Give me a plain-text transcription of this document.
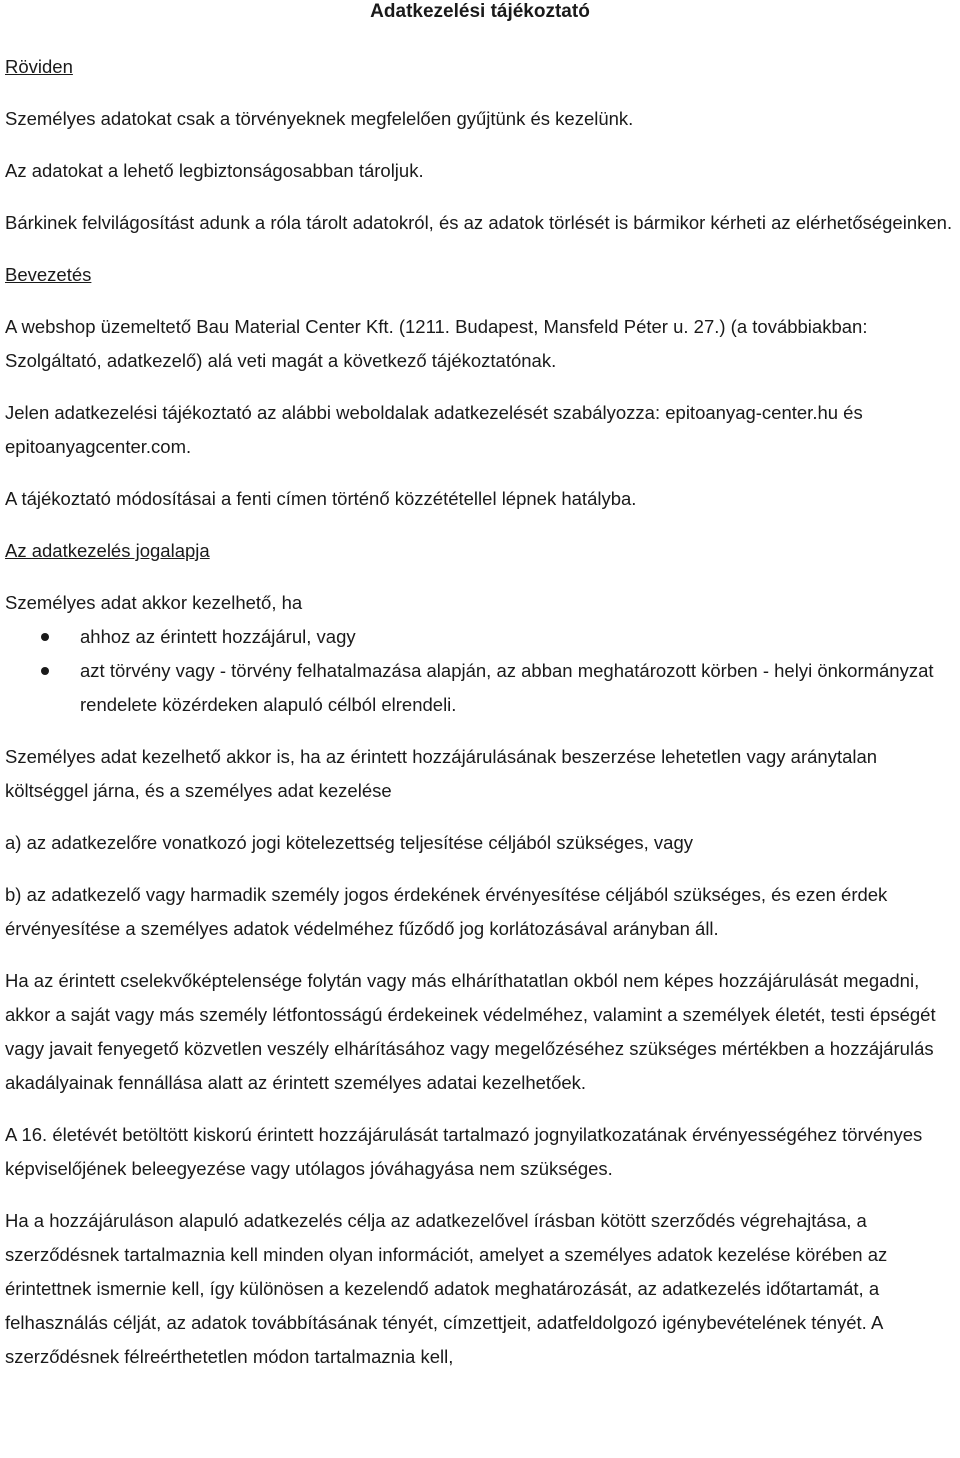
Adatkezelési tájékoztató

Röviden

Személyes adatokat csak a törvényeknek megfelelően gyűjtünk és kezelünk.

Az adatokat a lehető legbiztonságosabban tároljuk.

Bárkinek felvilágosítást adunk a róla tárolt adatokról, és az adatok törlését is bármikor kérheti az elérhetőségeinken.

Bevezetés

A webshop üzemeltető Bau Material Center Kft. (1211. Budapest, Mansfeld Péter u. 27.) (a továbbiakban: Szolgáltató, adatkezelő) alá veti magát a következő tájékoztatónak.

Jelen adatkezelési tájékoztató az alábbi weboldalak adatkezelését szabályozza: epitoanyag-center.hu és epitoanyagcenter.com.

A tájékoztató módosításai a fenti címen történő közzététellel lépnek hatályba.

Az adatkezelés jogalapja

Személyes adat akkor kezelhető, ha

ahhoz az érintett hozzájárul, vagy
azt törvény vagy - törvény felhatalmazása alapján, az abban meghatározott körben - helyi önkormányzat rendelete közérdeken alapuló célból elrendeli.

Személyes adat kezelhető akkor is, ha az érintett hozzájárulásának beszerzése lehetetlen vagy aránytalan költséggel járna, és a személyes adat kezelése

a) az adatkezelőre vonatkozó jogi kötelezettség teljesítése céljából szükséges, vagy

b) az adatkezelő vagy harmadik személy jogos érdekének érvényesítése céljából szükséges, és ezen érdek érvényesítése a személyes adatok védelméhez fűződő jog korlátozásával arányban áll.

Ha az érintett cselekvőképtelensége folytán vagy más elháríthatatlan okból nem képes hozzájárulását megadni, akkor a saját vagy más személy létfontosságú érdekeinek védelméhez, valamint a személyek életét, testi épségét vagy javait fenyegető közvetlen veszély elhárításához vagy megelőzéséhez szükséges mértékben a hozzájárulás akadályainak fennállása alatt az érintett személyes adatai kezelhetőek.

A 16. életévét betöltött kiskorú érintett hozzájárulását tartalmazó jognyilatkozatának érvényességéhez törvényes képviselőjének beleegyezése vagy utólagos jóváhagyása nem szükséges.

Ha a hozzájáruláson alapuló adatkezelés célja az adatkezelővel írásban kötött szerződés végrehajtása, a szerződésnek tartalmaznia kell minden olyan információt, amelyet a személyes adatok kezelése körében az érintettnek ismernie kell, így különösen a kezelendő adatok meghatározását, az adatkezelés időtartamát, a felhasználás célját, az adatok továbbításának tényét, címzettjeit, adatfeldolgozó igénybevételének tényét. A szerződésnek félreérthetetlen módon tartalmaznia kell,
